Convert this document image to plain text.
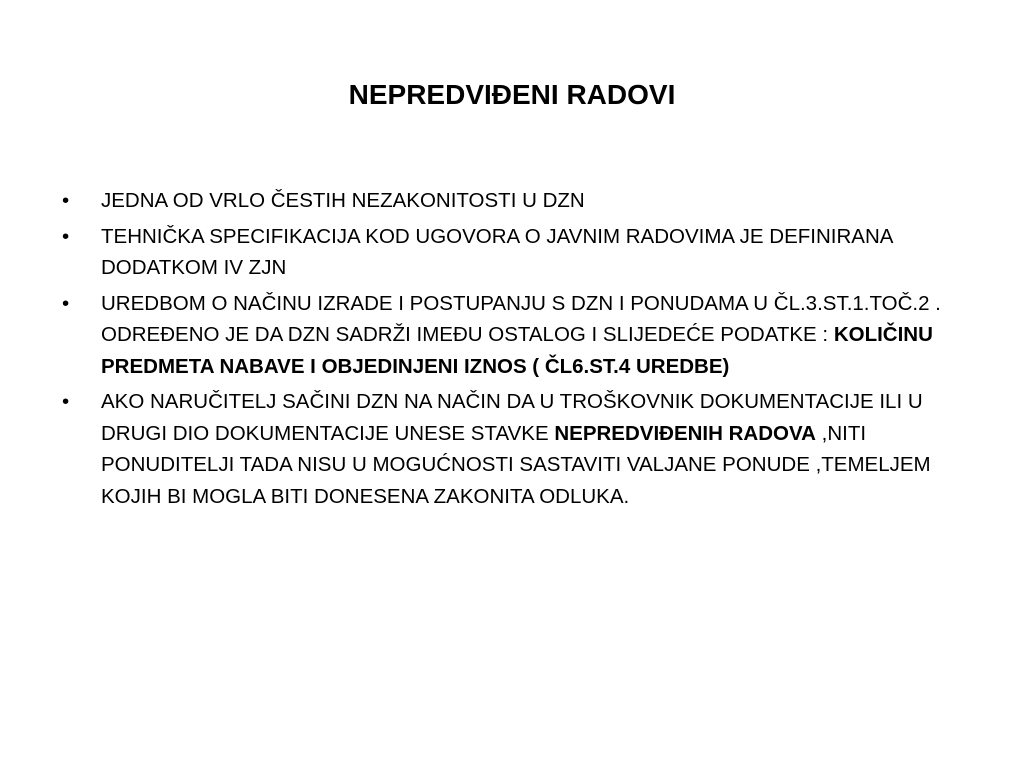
NEPREDVIĐENI RADOVI
•	JEDNA OD VRLO ČESTIH NEZAKONITOSTI U DZN
•	TEHNIČKA SPECIFIKACIJA KOD UGOVORA O JAVNIM RADOVIMA JE DEFINIRANA DODATKOM IV ZJN
•	UREDBOM O NAČINU IZRADE I POSTUPANJU S DZN I PONUDAMA U ČL.3.ST.1.TOČ.2 . ODREĐENO JE DA DZN SADRŽI IMEĐU OSTALOG I SLIJEDEĆE PODATKE : KOLIČINU PREDMETA NABAVE I OBJEDINJENI IZNOS ( ČL6.ST.4 UREDBE)
•	AKO NARUČITELJ SAČINI DZN NA NAČIN DA U TROŠKOVNIK DOKUMENTACIJE ILI U DRUGI DIO DOKUMENTACIJE UNESE STAVKE NEPREDVIĐENIH RADOVA ,NITI PONUDITELJI TADA NISU U MOGUĆNOSTI SASTAVITI VALJANE PONUDE ,TEMELJEM KOJIH BI MOGLA BITI DONESENA ZAKONITA ODLUKA.
